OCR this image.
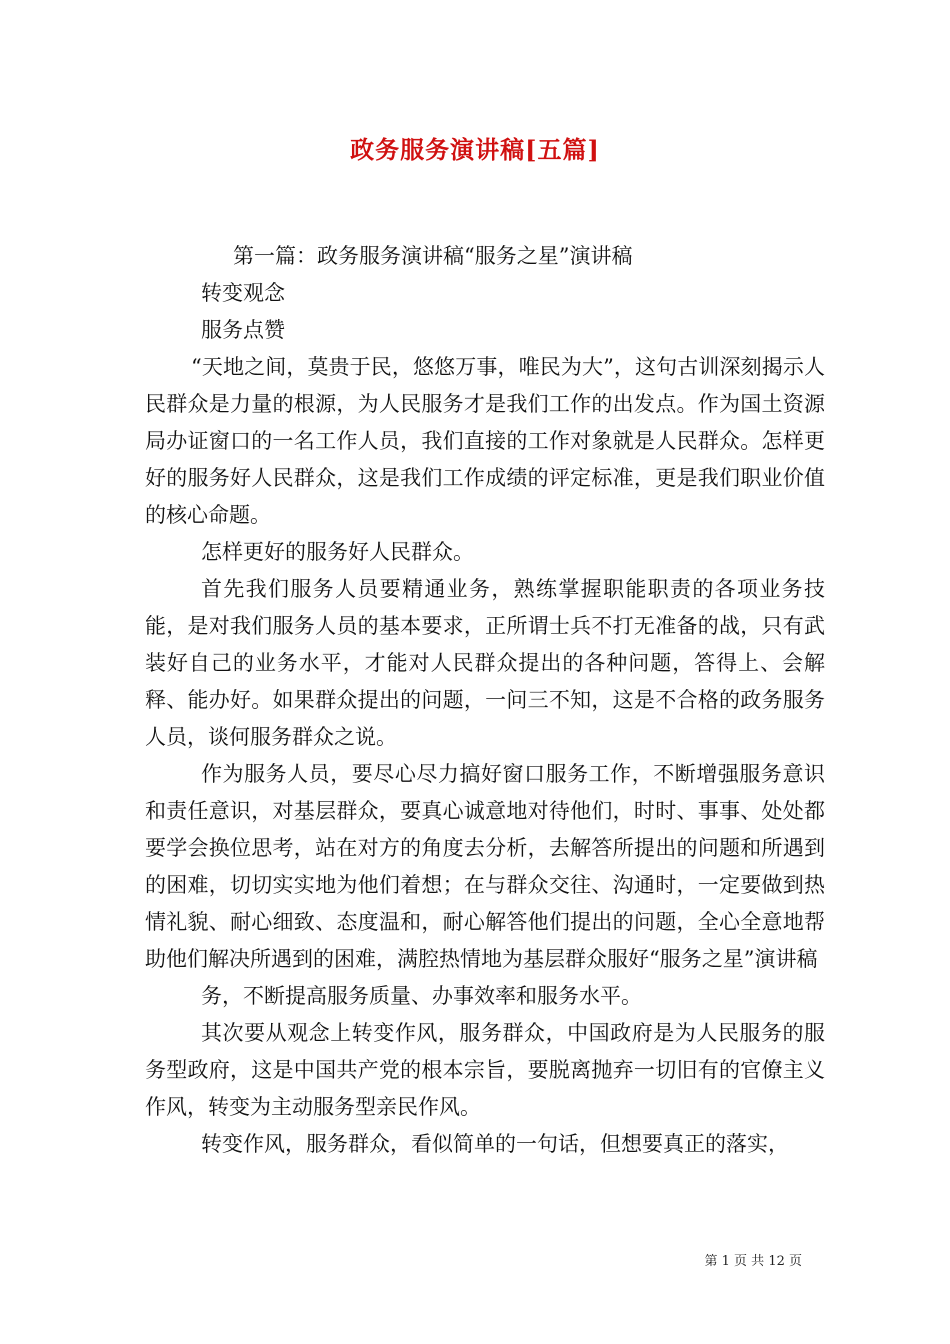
政务服务演讲稿[五篇]

第一篇：政务服务演讲稿“服务之星”演讲稿

转变观念

服务点赞

“天地之间，莫贵于民，悠悠万事，唯民为大”，这句古训深刻揭示人民群众是力量的根源，为人民服务才是我们工作的出发点。作为国土资源局办证窗口的一名工作人员，我们直接的工作对象就是人民群众。怎样更好的服务好人民群众，这是我们工作成绩的评定标准，更是我们职业价值的核心命题。

怎样更好的服务好人民群众。

首先我们服务人员要精通业务，熟练掌握职能职责的各项业务技能，是对我们服务人员的基本要求，正所谓士兵不打无准备的战，只有武装好自己的业务水平，才能对人民群众提出的各种问题，答得上、会解释、能办好。如果群众提出的问题，一问三不知，这是不合格的政务服务人员，谈何服务群众之说。

作为服务人员，要尽心尽力搞好窗口服务工作，不断增强服务意识和责任意识，对基层群众，要真心诚意地对待他们，时时、事事、处处都要学会换位思考，站在对方的角度去分析，去解答所提出的问题和所遇到的困难，切切实实地为他们着想；在与群众交往、沟通时，一定要做到热情礼貌、耐心细致、态度温和，耐心解答他们提出的问题，全心全意地帮助他们解决所遇到的困难，满腔热情地为基层群众服好“服务之星”演讲稿

务，不断提高服务质量、办事效率和服务水平。

其次要从观念上转变作风，服务群众，中国政府是为人民服务的服务型政府，这是中国共产党的根本宗旨，要脱离抛弃一切旧有的官僚主义作风，转变为主动服务型亲民作风。

转变作风，服务群众，看似简单的一句话，但想要真正的落实，

第 1 页 共 12 页
